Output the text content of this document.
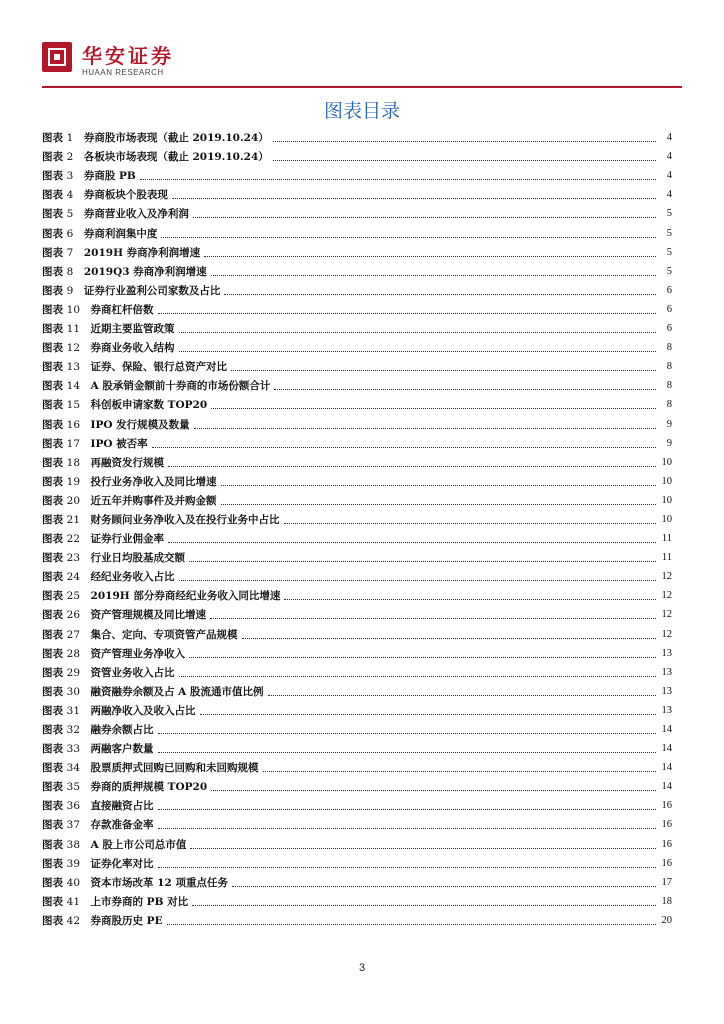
华安证券
HUAAN RESEARCH
图表目录
图表 1  券商股市场表现（截止 2019.10.24）	4
图表 2  各板块市场表现（截止 2019.10.24）	4
图表 3  券商股 PB	4
图表 4  券商板块个股表现	4
图表 5  券商营业收入及净利润	5
图表 6  券商利润集中度	5
图表 7  2019H 券商净利润增速	5
图表 8  2019Q3 券商净利润增速	5
图表 9  证券行业盈利公司家数及占比	6
图表 10  券商杠杆倍数	6
图表 11  近期主要监管政策	6
图表 12  券商业务收入结构	8
图表 13  证券、保险、银行总资产对比	8
图表 14  A 股承销金额前十券商的市场份额合计	8
图表 15  科创板申请家数 TOP20	8
图表 16  IPO 发行规模及数量	9
图表 17  IPO 被否率	9
图表 18  再融资发行规模	10
图表 19  投行业务净收入及同比增速	10
图表 20  近五年并购事件及并购金额	10
图表 21  财务顾问业务净收入及在投行业务中占比	10
图表 22  证券行业佣金率	11
图表 23  行业日均股基成交额	11
图表 24  经纪业务收入占比	12
图表 25  2019H 部分券商经纪业务收入同比增速	12
图表 26  资产管理规模及同比增速	12
图表 27  集合、定向、专项资管产品规模	12
图表 28  资产管理业务净收入	13
图表 29  资管业务收入占比	13
图表 30  融资融券余额及占 A 股流通市值比例	13
图表 31  两融净收入及收入占比	13
图表 32  融券余额占比	14
图表 33  两融客户数量	14
图表 34  股票质押式回购已回购和未回购规模	14
图表 35  券商的质押规模 TOP20	14
图表 36  直接融资占比	16
图表 37  存款准备金率	16
图表 38  A 股上市公司总市值	16
图表 39  证券化率对比	16
图表 40  资本市场改革 12 项重点任务	17
图表 41  上市券商的 PB 对比	18
图表 42  券商股历史 PE	20
3
